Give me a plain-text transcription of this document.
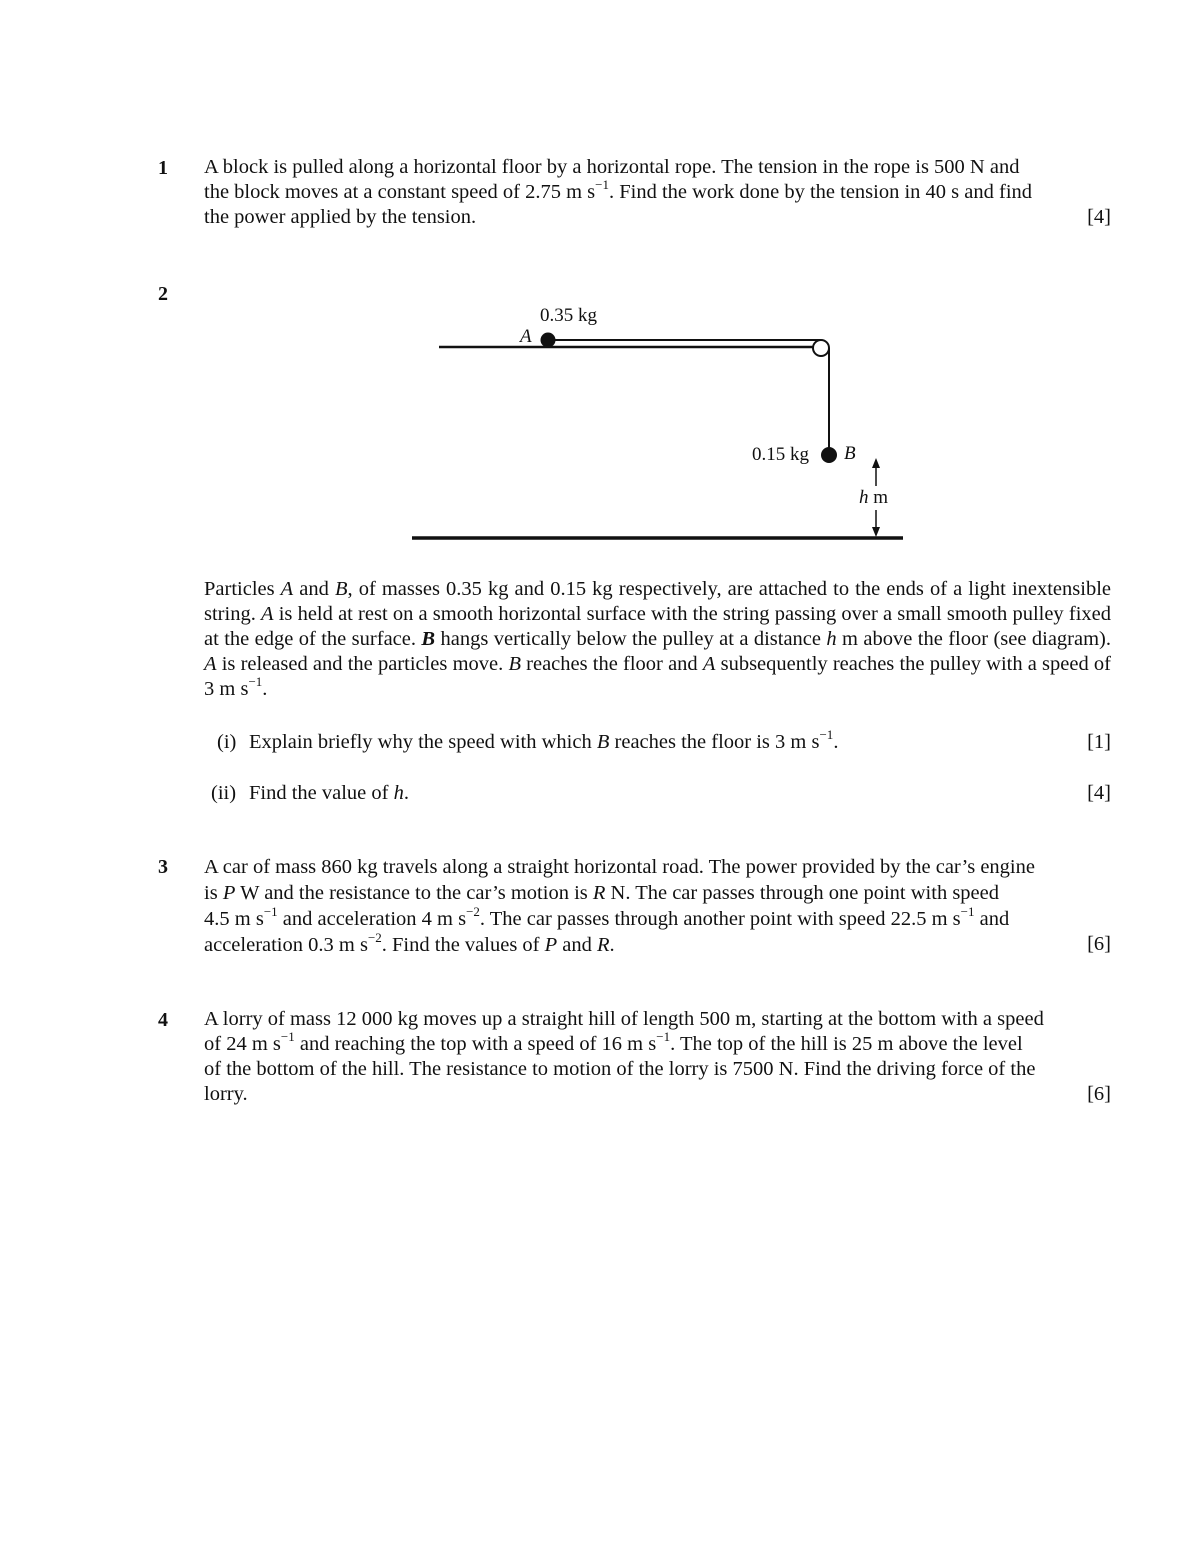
1 A block is pulled along a horizontal floor by a horizontal rope. The tension in the rope is 500 N and
the block moves at a constant speed of 2.75 m $s^{-1}$. Find the work done by the tension in 40 s and find
the power applied by the tension.	[4]
2
0.35 kg
A
0.15 kg B
h m
Particles A and B, of masses 0.35 kg and 0.15 kg respectively, are attached to the ends of a light inextensible string. A is held at rest on a smooth horizontal surface with the string passing over a small smooth pulley fixed at the edge of the surface. B hangs vertically below the pulley at a distance h m above the floor (see diagram). A is released and the particles move. B reaches the floor and A subsequently reaches the pulley with a speed of 3 m $s^{-1}$.
(i) Explain briefly why the speed with which B reaches the floor is 3 m $s^{-1}$.	[1]
(ii) Find the value of h.	[4]
3 A car of mass 860 kg travels along a straight horizontal road. The power provided by the car’s engine
is P W and the resistance to the car’s motion is R N. The car passes through one point with speed
4.5 m $s^{-1}$ and acceleration 4 m $s^{-2}$. The car passes through another point with speed 22.5 m $s^{-1}$ and
acceleration 0.3 m $s^{-2}$. Find the values of P and R.	[6]
4 A lorry of mass 12 000 kg moves up a straight hill of length 500 m, starting at the bottom with a speed
of 24 m $s^{-1}$ and reaching the top with a speed of 16 m $s^{-1}$. The top of the hill is 25 m above the level
of the bottom of the hill. The resistance to motion of the lorry is 7500 N. Find the driving force of the
lorry.	[6]
